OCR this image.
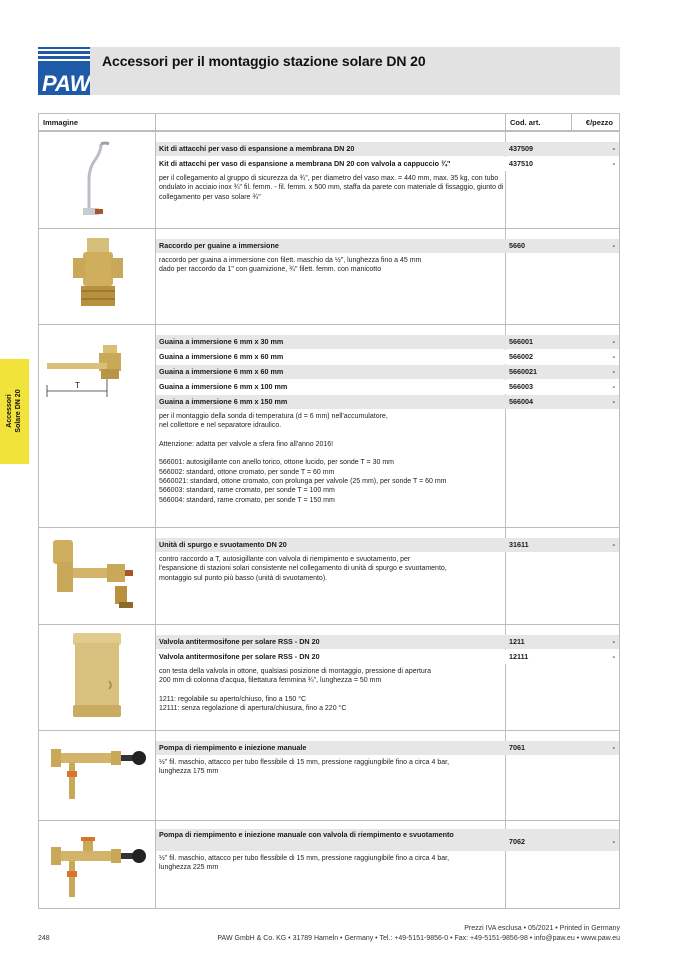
PAW
Accessori per il montaggio stazione solare DN 20
Accessori Solare DN 20
Immagine	Cod. art.	€/pezzo
Kit di attacchi per vaso di espansione a membrana DN 20	437509	-
Kit di attacchi per vaso di espansione a membrana DN 20 con valvola a cappuccio ¾"	437510	-
per il collegamento al gruppo di sicurezza da ¾", per diametro del vaso max. = 440 mm, max. 35 kg, con tubo ondulato in acciaio inox ¾" fil. femm. - fil. femm. x 500 mm, staffa da parete con materiale di fissaggio, giunto di collegamento per vaso solare ¾"
Raccordo per guaine a immersione	5660	-
raccordo per guaina a immersione con filett. maschio da ½", lunghezza fino a 45 mm
dado per raccordo da 1" con guarnizione, ¾" filett. femm. con manicotto
T
Guaina a immersione 6 mm x 30 mm	566001	-
Guaina a immersione 6 mm x 60 mm	566002	-
Guaina a immersione 6 mm x 60 mm	5660021	-
Guaina a immersione 6 mm x 100 mm	566003	-
Guaina a immersione 6 mm x 150 mm	566004	-
per il montaggio della sonda di temperatura (d = 6 mm) nell'accumulatore,
nel collettore e nel separatore idraulico.

Attenzione: adatta per valvole a sfera fino all'anno 2016!

566001: autosigillante con anello torico, ottone lucido, per sonde T = 30 mm
566002: standard, ottone cromato, per sonde T = 60 mm
5660021: standard, ottone cromato, con prolunga per valvole (25 mm), per sonde T = 60 mm
566003: standard, rame cromato, per sonde T = 100 mm
566004: standard, rame cromato, per sonde T = 150 mm
Unità di spurgo e svuotamento DN 20	31611	-
contro raccordo a T, autosigillante con valvola di riempimento e svuotamento, per
l'espansione di stazioni solari consistente nel collegamento di unità di spurgo e svuotamento,
montaggio sul punto più basso (unità di svuotamento).
Valvola antitermosifone per solare RSS - DN 20	1211	-
Valvola antitermosifone per solare RSS - DN 20	12111	-
con testa della valvola in ottone, qualsiasi posizione di montaggio, pressione di apertura
200 mm di colonna d'acqua, filettatura femmina ¾", lunghezza = 50 mm

1211: regolabile su aperto/chiuso, fino a 150 °C
12111: senza regolazione di apertura/chiusura, fino a 220 °C
Pompa di riempimento e iniezione manuale	7061	-
½" fil. maschio, attacco per tubo flessibile di 15 mm, pressione raggiungibile fino a circa 4 bar,
lunghezza 175 mm
Pompa di riempimento e iniezione manuale con valvola di riempimento e svuotamento
7062	-
½" fil. maschio, attacco per tubo flessibile di 15 mm, pressione raggiungibile fino a circa 4 bar,
lunghezza 225 mm
Prezzi IVA esclusa • 05/2021 • Printed in Germany
PAW GmbH & Co. KG • 31789 Hameln • Germany • Tel.: +49-5151-9856-0 • Fax: +49-5151-9856-98 • info@paw.eu • www.paw.eu
248
